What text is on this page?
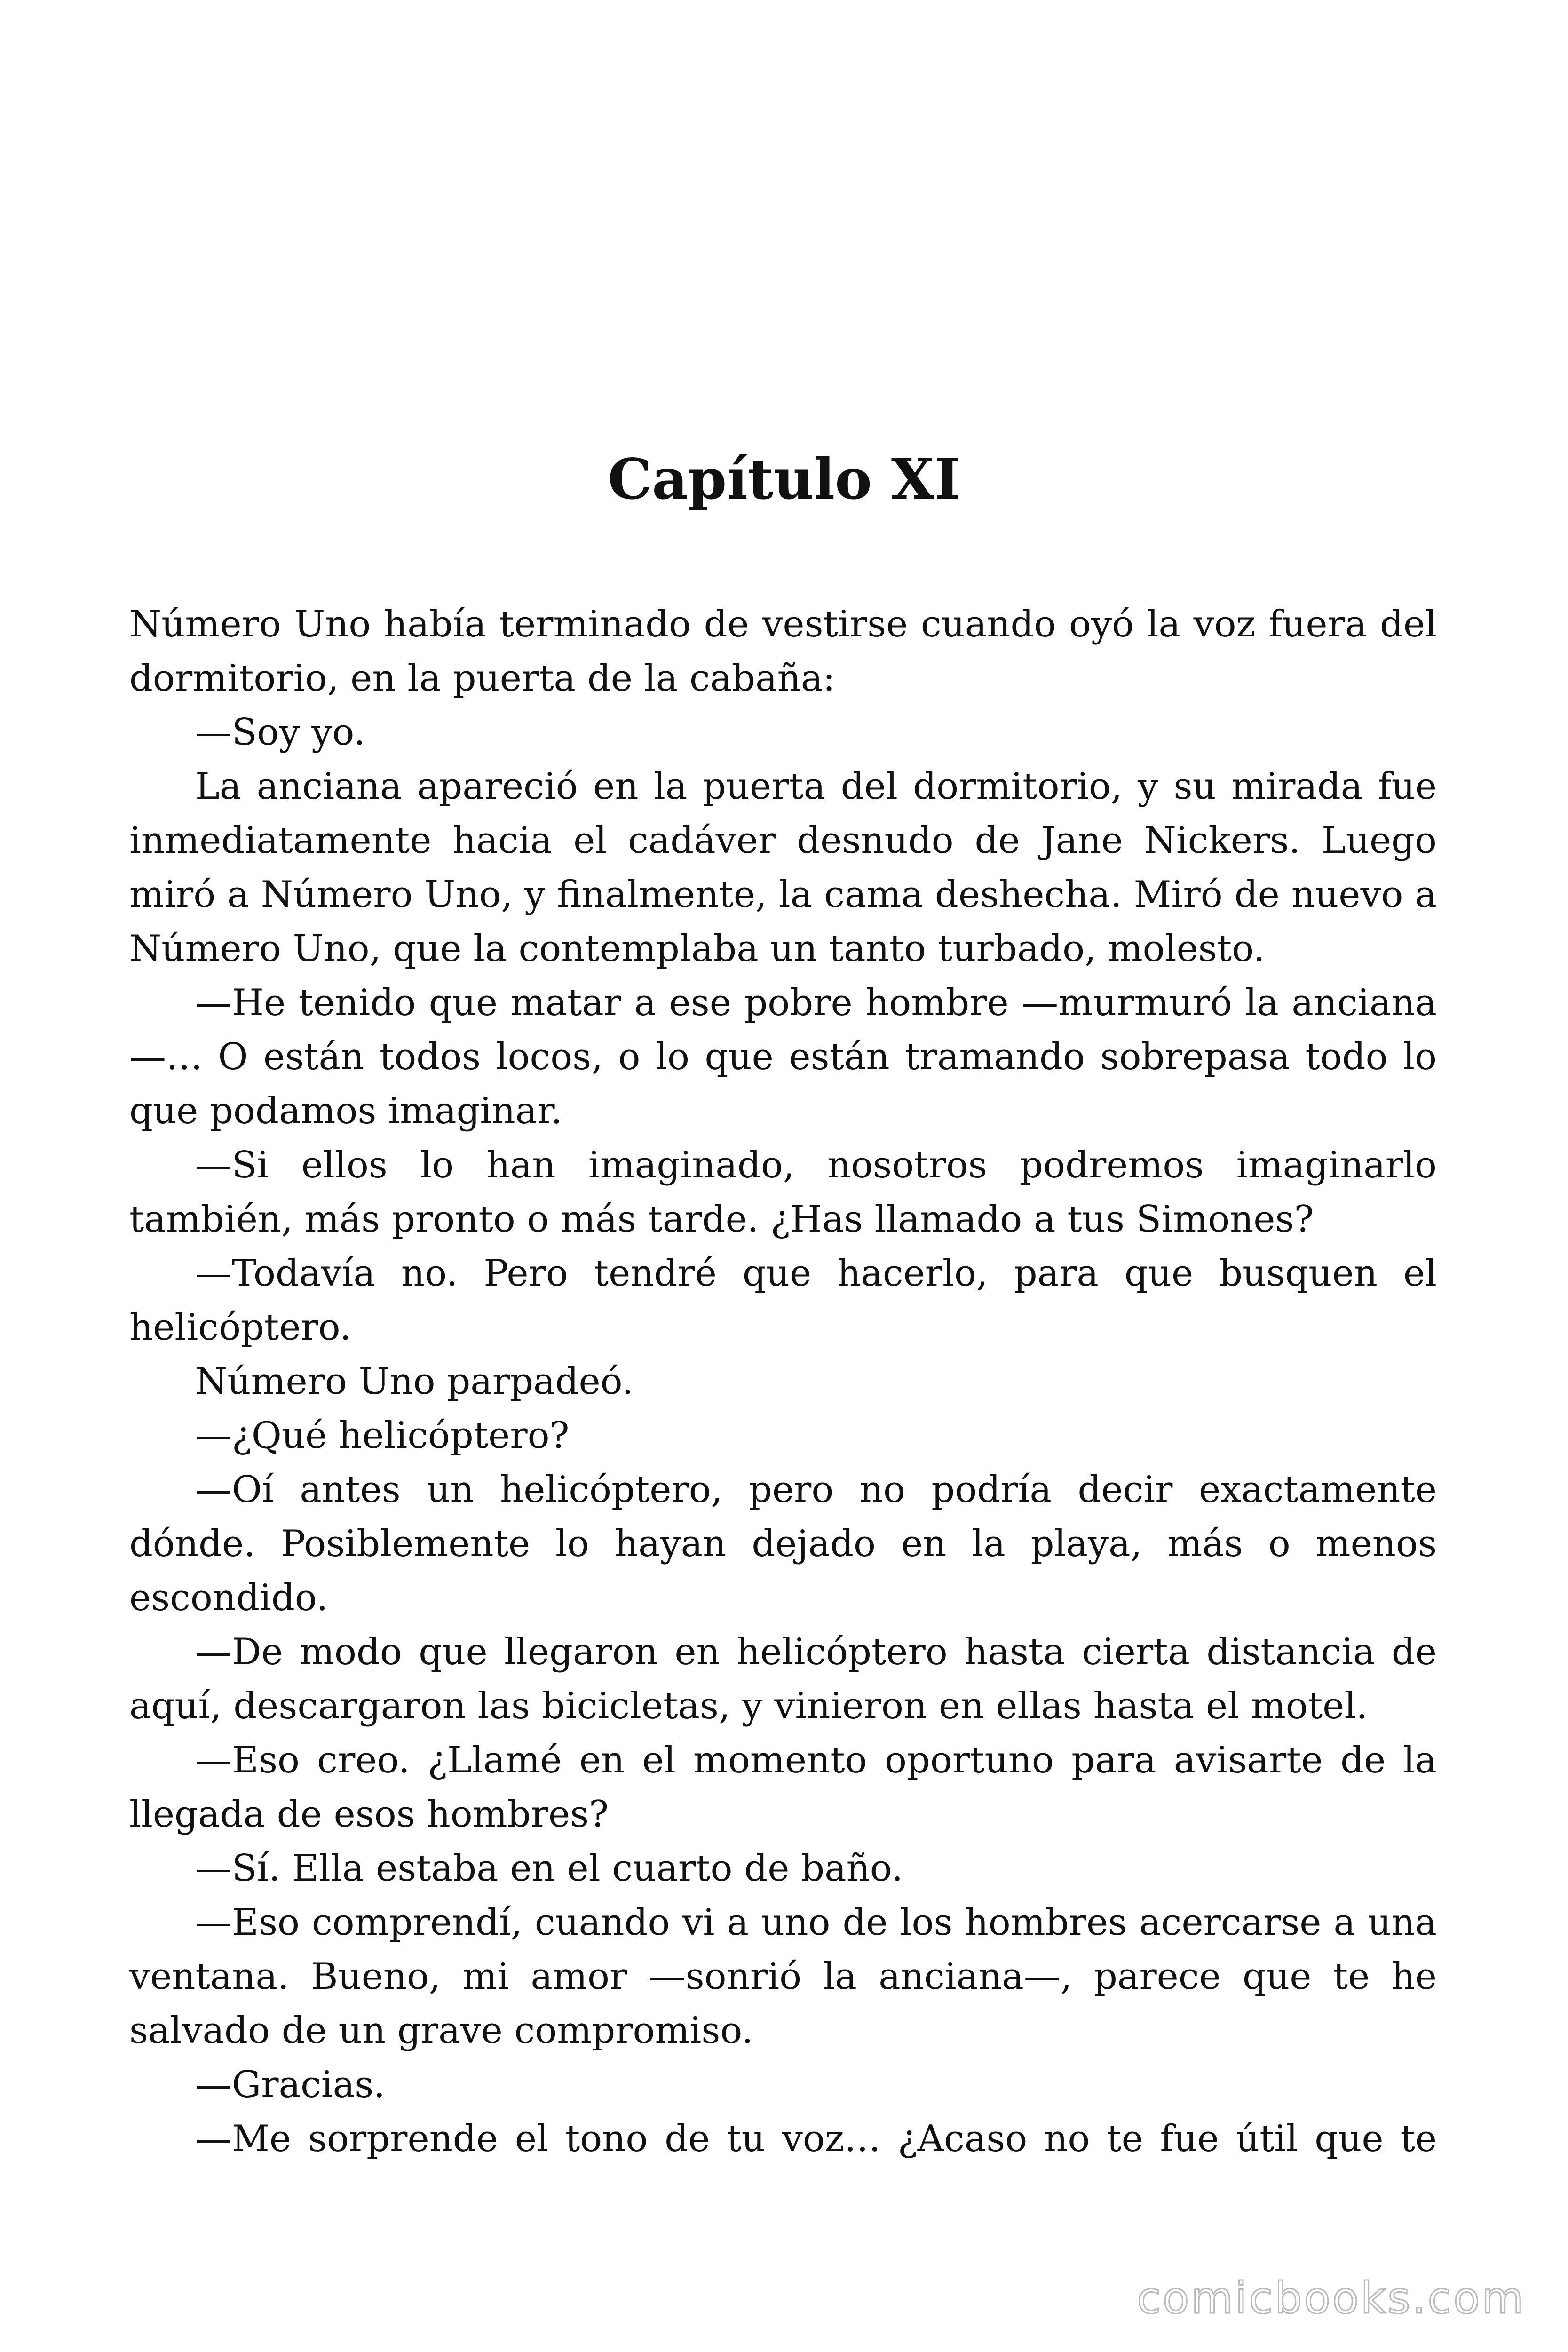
Capítulo XI

Número Uno había terminado de vestirse cuando oyó la voz fuera del dormitorio, en la puerta de la cabaña:

—Soy yo.

La anciana apareció en la puerta del dormitorio, y su mirada fue inmediatamente hacia el cadáver desnudo de Jane Nickers. Luego miró a Número Uno, y finalmente, la cama deshecha. Miró de nuevo a Número Uno, que la contemplaba un tanto turbado, molesto.

—He tenido que matar a ese pobre hombre —murmuró la anciana—… O están todos locos, o lo que están tramando sobrepasa todo lo que podamos imaginar.

—Si ellos lo han imaginado, nosotros podremos imaginarlo también, más pronto o más tarde. ¿Has llamado a tus Simones?

—Todavía no. Pero tendré que hacerlo, para que busquen el helicóptero.

Número Uno parpadeó.

—¿Qué helicóptero?

—Oí antes un helicóptero, pero no podría decir exactamente dónde. Posiblemente lo hayan dejado en la playa, más o menos escondido.

—De modo que llegaron en helicóptero hasta cierta distancia de aquí, descargaron las bicicletas, y vinieron en ellas hasta el motel.

—Eso creo. ¿Llamé en el momento oportuno para avisarte de la llegada de esos hombres?

—Sí. Ella estaba en el cuarto de baño.

—Eso comprendí, cuando vi a uno de los hombres acercarse a una ventana. Bueno, mi amor —sonrió la anciana—, parece que te he salvado de un grave compromiso.

—Gracias.

—Me sorprende el tono de tu voz… ¿Acaso no te fue útil que te

comicbooks.com
